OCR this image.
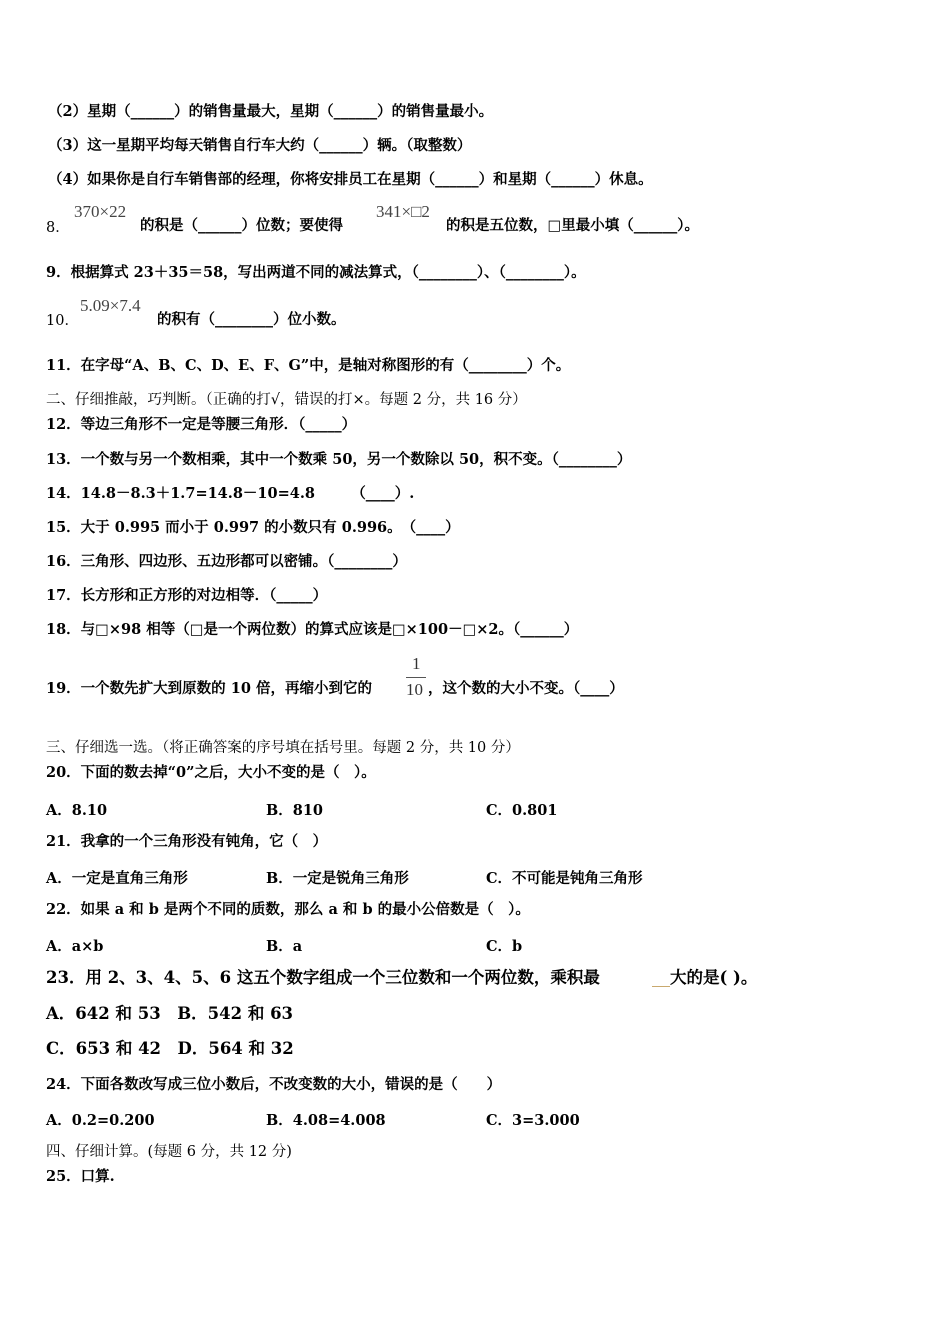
（2）星期（______）的销售量最大，星期（______）的销售量最小。
（3）这一星期平均每天销售自行车大约（______）辆。（取整数）
（4）如果你是自行车销售部的经理，你将安排员工在星期（______）和星期（______）休息。
8．
370×22
的积是（______）位数；要使得
341×□2
的积是五位数，□里最小填（______）。
9．根据算式 23＋35＝58，写出两道不同的减法算式，（________）、（________）。
10．
5.09×7.4
的积有（________）位小数。
11．在字母“A、B、C、D、E、F、G”中，是轴对称图形的有（________）个。
二、仔细推敲，巧判断。（正确的打√，错误的打×。每题 2 分，共 16 分）
12．等边三角形不一定是等腰三角形．（_____）
13．一个数与另一个数相乘，其中一个数乘 50，另一个数除以 50，积不变。（________）
14．14.8－8.3＋1.7=14.8－10=4.8　　　（____）.
15．大于 0.995 而小于 0.997 的小数只有 0.996。　（____）
16．三角形、四边形、五边形都可以密铺。（________）
17．长方形和正方形的对边相等．（_____）
18．与□×98 相等（□是一个两位数）的算式应该是□×100－□×2。（______）
19．一个数先扩大到原数的 10 倍，再缩小到它的
1
10 ，这个数的大小不变。（____）
三、仔细选一选。（将正确答案的序号填在括号里。每题 2 分，共 10 分）
20．下面的数去掉“0”之后，大小不变的是（　）。
A．8.10	B．810	C．0.801
21．我拿的一个三角形没有钝角，它（　）
A．一定是直角三角形	B．一定是锐角三角形	C．不可能是钝角三角形
22．如果 a 和 b 是两个不同的质数，那么 a 和 b 的最小公倍数是（　）。
A．a×b	B．a	C．b
23．用 2、3、4、5、6 这五个数字组成一个三位数和一个两位数，乘积最	大的是( )。
A．642 和 53　B．542 和 63
C．653 和 42　D．564 和 32
24．下面各数改写成三位小数后，不改变数的大小，错误的是（　　）
A．0.2=0.200	B．4.08=4.008	C．3=3.000
四、仔细计算。(每题 6 分，共 12 分)
25．口算.
